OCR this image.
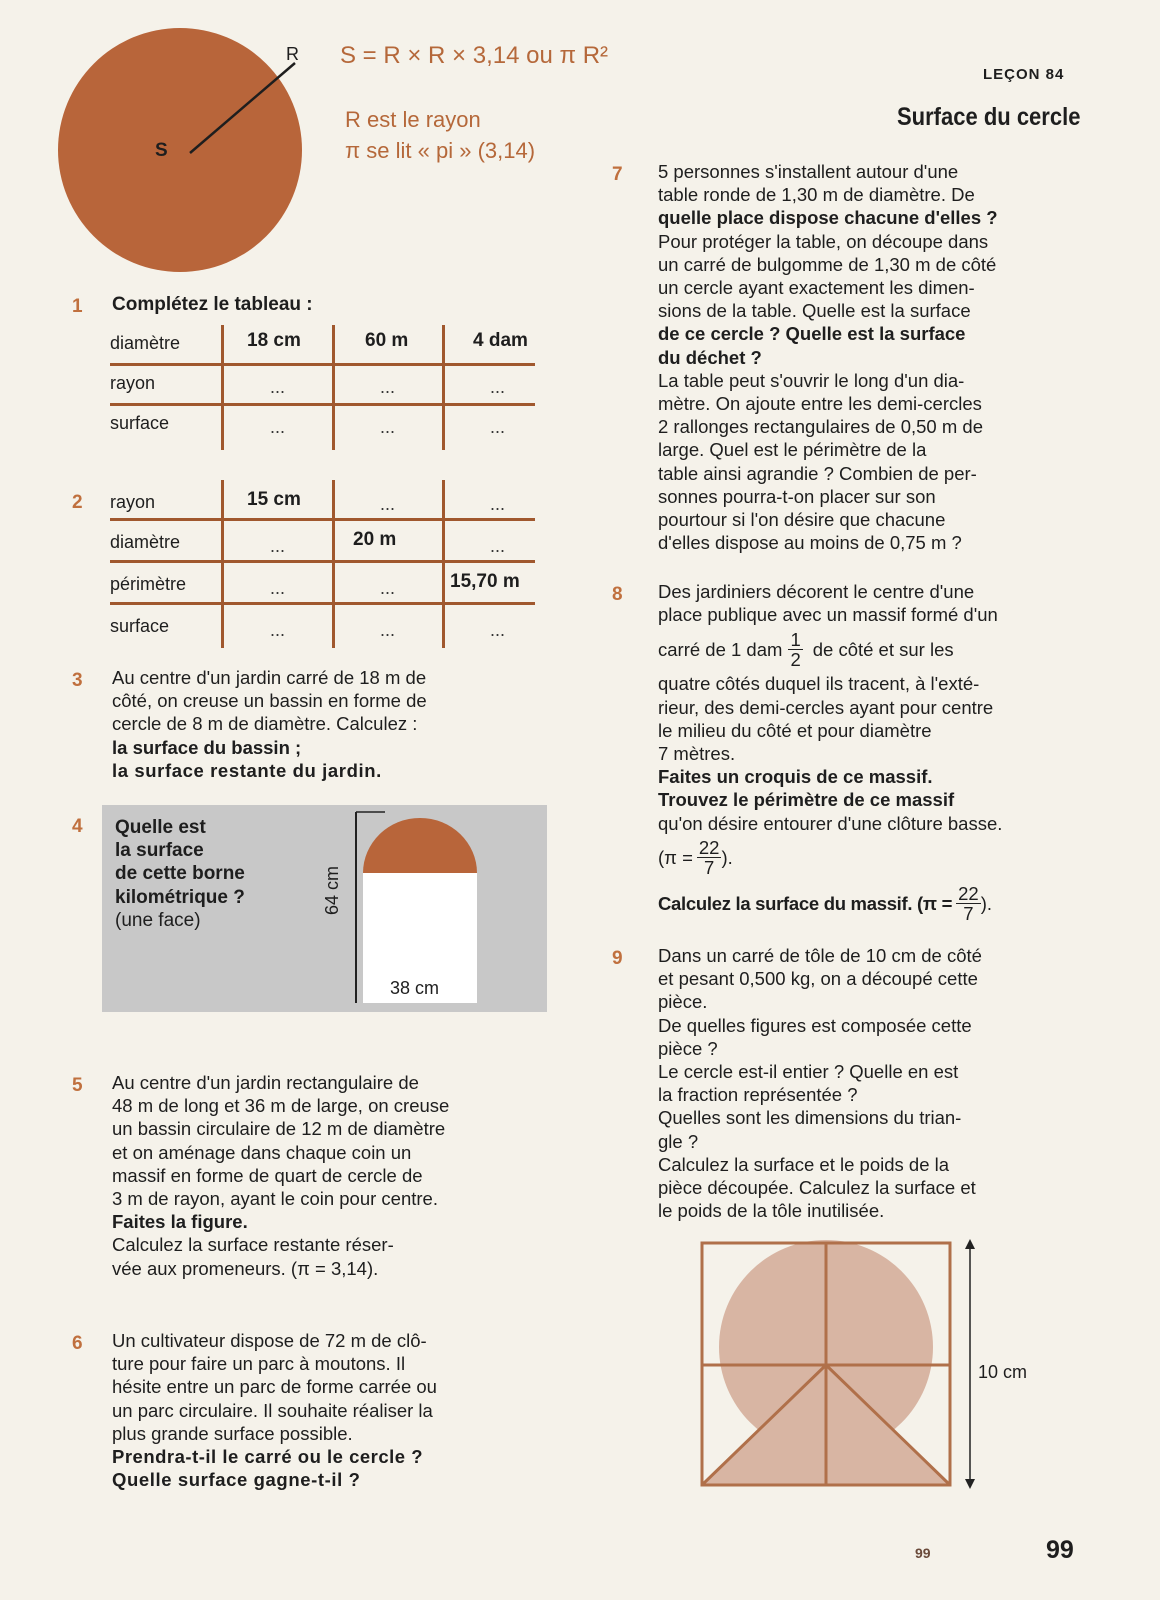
R
S
S = R × R × 3,14 ou π R²
R est le rayon
π se lit « pi » (3,14)
LEÇON 84
Surface du cercle
1 Complétez le tableau :
diamètre	18 cm	60 m	4 dam
rayon	...	...	...
surface	...	...	...
2 rayon	15 cm	...	...
diamètre	...	20 m	...
périmètre	...	...	15,70 m
surface	...	...	...
3 Au centre d'un jardin carré de 18 m de
côté, on creuse un bassin en forme de
cercle de 8 m de diamètre. Calculez :
la surface du bassin ;
la surface restante du jardin.
4 Quelle est
la surface
de cette borne
kilométrique ?
(une face)
64 cm
38 cm
5 Au centre d'un jardin rectangulaire de
48 m de long et 36 m de large, on creuse
un bassin circulaire de 12 m de diamètre
et on aménage dans chaque coin un
massif en forme de quart de cercle de
3 m de rayon, ayant le coin pour centre.
Faites la figure.
Calculez la surface restante réser-
vée aux promeneurs. (π = 3,14).
6 Un cultivateur dispose de 72 m de clô-
ture pour faire un parc à moutons. Il
hésite entre un parc de forme carrée ou
un parc circulaire. Il souhaite réaliser la
plus grande surface possible.
Prendra-t-il le carré ou le cercle ?
Quelle surface gagne-t-il ?
7 5 personnes s'installent autour d'une
table ronde de 1,30 m de diamètre. De
quelle place dispose chacune d'elles ?
Pour protéger la table, on découpe dans
un carré de bulgomme de 1,30 m de côté
un cercle ayant exactement les dimen-
sions de la table. Quelle est la surface
de ce cercle ? Quelle est la surface
du déchet ?
La table peut s'ouvrir le long d'un dia-
mètre. On ajoute entre les demi-cercles
2 rallonges rectangulaires de 0,50 m de
large. Quel est le périmètre de la
table ainsi agrandie ? Combien de per-
sonnes pourra-t-on placer sur son
pourtour si l'on désire que chacune
d'elles dispose au moins de 0,75 m ?
8 Des jardiniers décorent le centre d'une
place publique avec un massif formé d'un
carré de 1 dam $\frac{1}{2}$ de côté et sur les
quatre côtés duquel ils tracent, à l'exté-
rieur, des demi-cercles ayant pour centre
le milieu du côté et pour diamètre
7 mètres.
Faites un croquis de ce massif.
Trouvez le périmètre de ce massif
qu'on désire entourer d'une clôture basse.
($\pi = \frac{22}{7}$ ).
Calculez la surface du massif. ($\pi = \frac{22}{7}$ ).
9 Dans un carré de tôle de 10 cm de côté
et pesant 0,500 kg, on a découpé cette
pièce.
De quelles figures est composée cette
pièce ?
Le cercle est-il entier ? Quelle en est
la fraction représentée ?
Quelles sont les dimensions du trian-
gle ?
Calculez la surface et le poids de la
pièce découpée. Calculez la surface et
le poids de la tôle inutilisée.
10 cm
99	99
